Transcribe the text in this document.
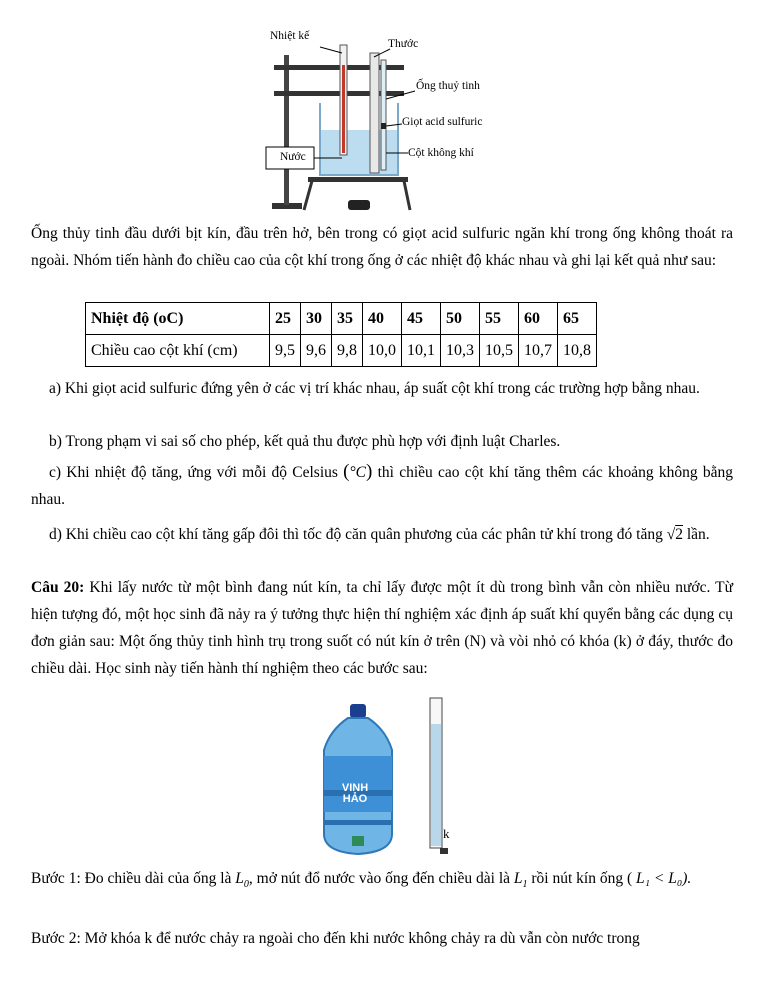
Nhiệt kế
Thước
Ống thuỷ tinh
Giọt acid sulfuric
Cột không khí
Nước
Ống thủy tinh đầu dưới bịt kín, đầu trên hở, bên trong có giọt acid sulfuric ngăn khí trong ống không thoát ra ngoài. Nhóm tiến hành đo chiều cao của cột khí trong ống ở các nhiệt độ khác nhau và ghi lại kết quả như sau:
Nhiệt độ (oC)	25	30	35	40	45	50	55	60	65
Chiều cao cột khí (cm)	9,5	9,6	9,8	10,0	10,1	10,3	10,5	10,7	10,8
a) Khi giọt acid sulfuric đứng yên ở các vị trí khác nhau, áp suất cột khí trong các trường hợp bằng nhau.
b) Trong phạm vi sai số cho phép, kết quả thu được phù hợp với định luật Charles.
c) Khi nhiệt độ tăng, ứng với mỗi độ Celsius (°C) thì chiều cao cột khí tăng thêm các khoảng không bằng nhau.
d) Khi chiều cao cột khí tăng gấp đôi thì tốc độ căn quân phương của các phân tử khí trong đó tăng √2 lần.
Câu 20: Khi lấy nước từ một bình đang nút kín, ta chỉ lấy được một ít dù trong bình vẫn còn nhiều nước. Từ hiện tượng đó, một học sinh đã nảy ra ý tưởng thực hiện thí nghiệm xác định áp suất khí quyển bằng các dụng cụ đơn giản sau: Một ống thủy tinh hình trụ trong suốt có nút kín ở trên (N) và vòi nhỏ có khóa (k) ở đáy, thước đo chiều dài. Học sinh này tiến hành thí nghiệm theo các bước sau:
VINH HẢO
k
Bước 1: Đo chiều dài của ống là $L_0$, mở nút đổ nước vào ống đến chiều dài là $L_1$ rồi nút kín ống ( L₁ < L₀).
Bước 2: Mở khóa k để nước chảy ra ngoài cho đến khi nước không chảy ra dù vẫn còn nước trong
